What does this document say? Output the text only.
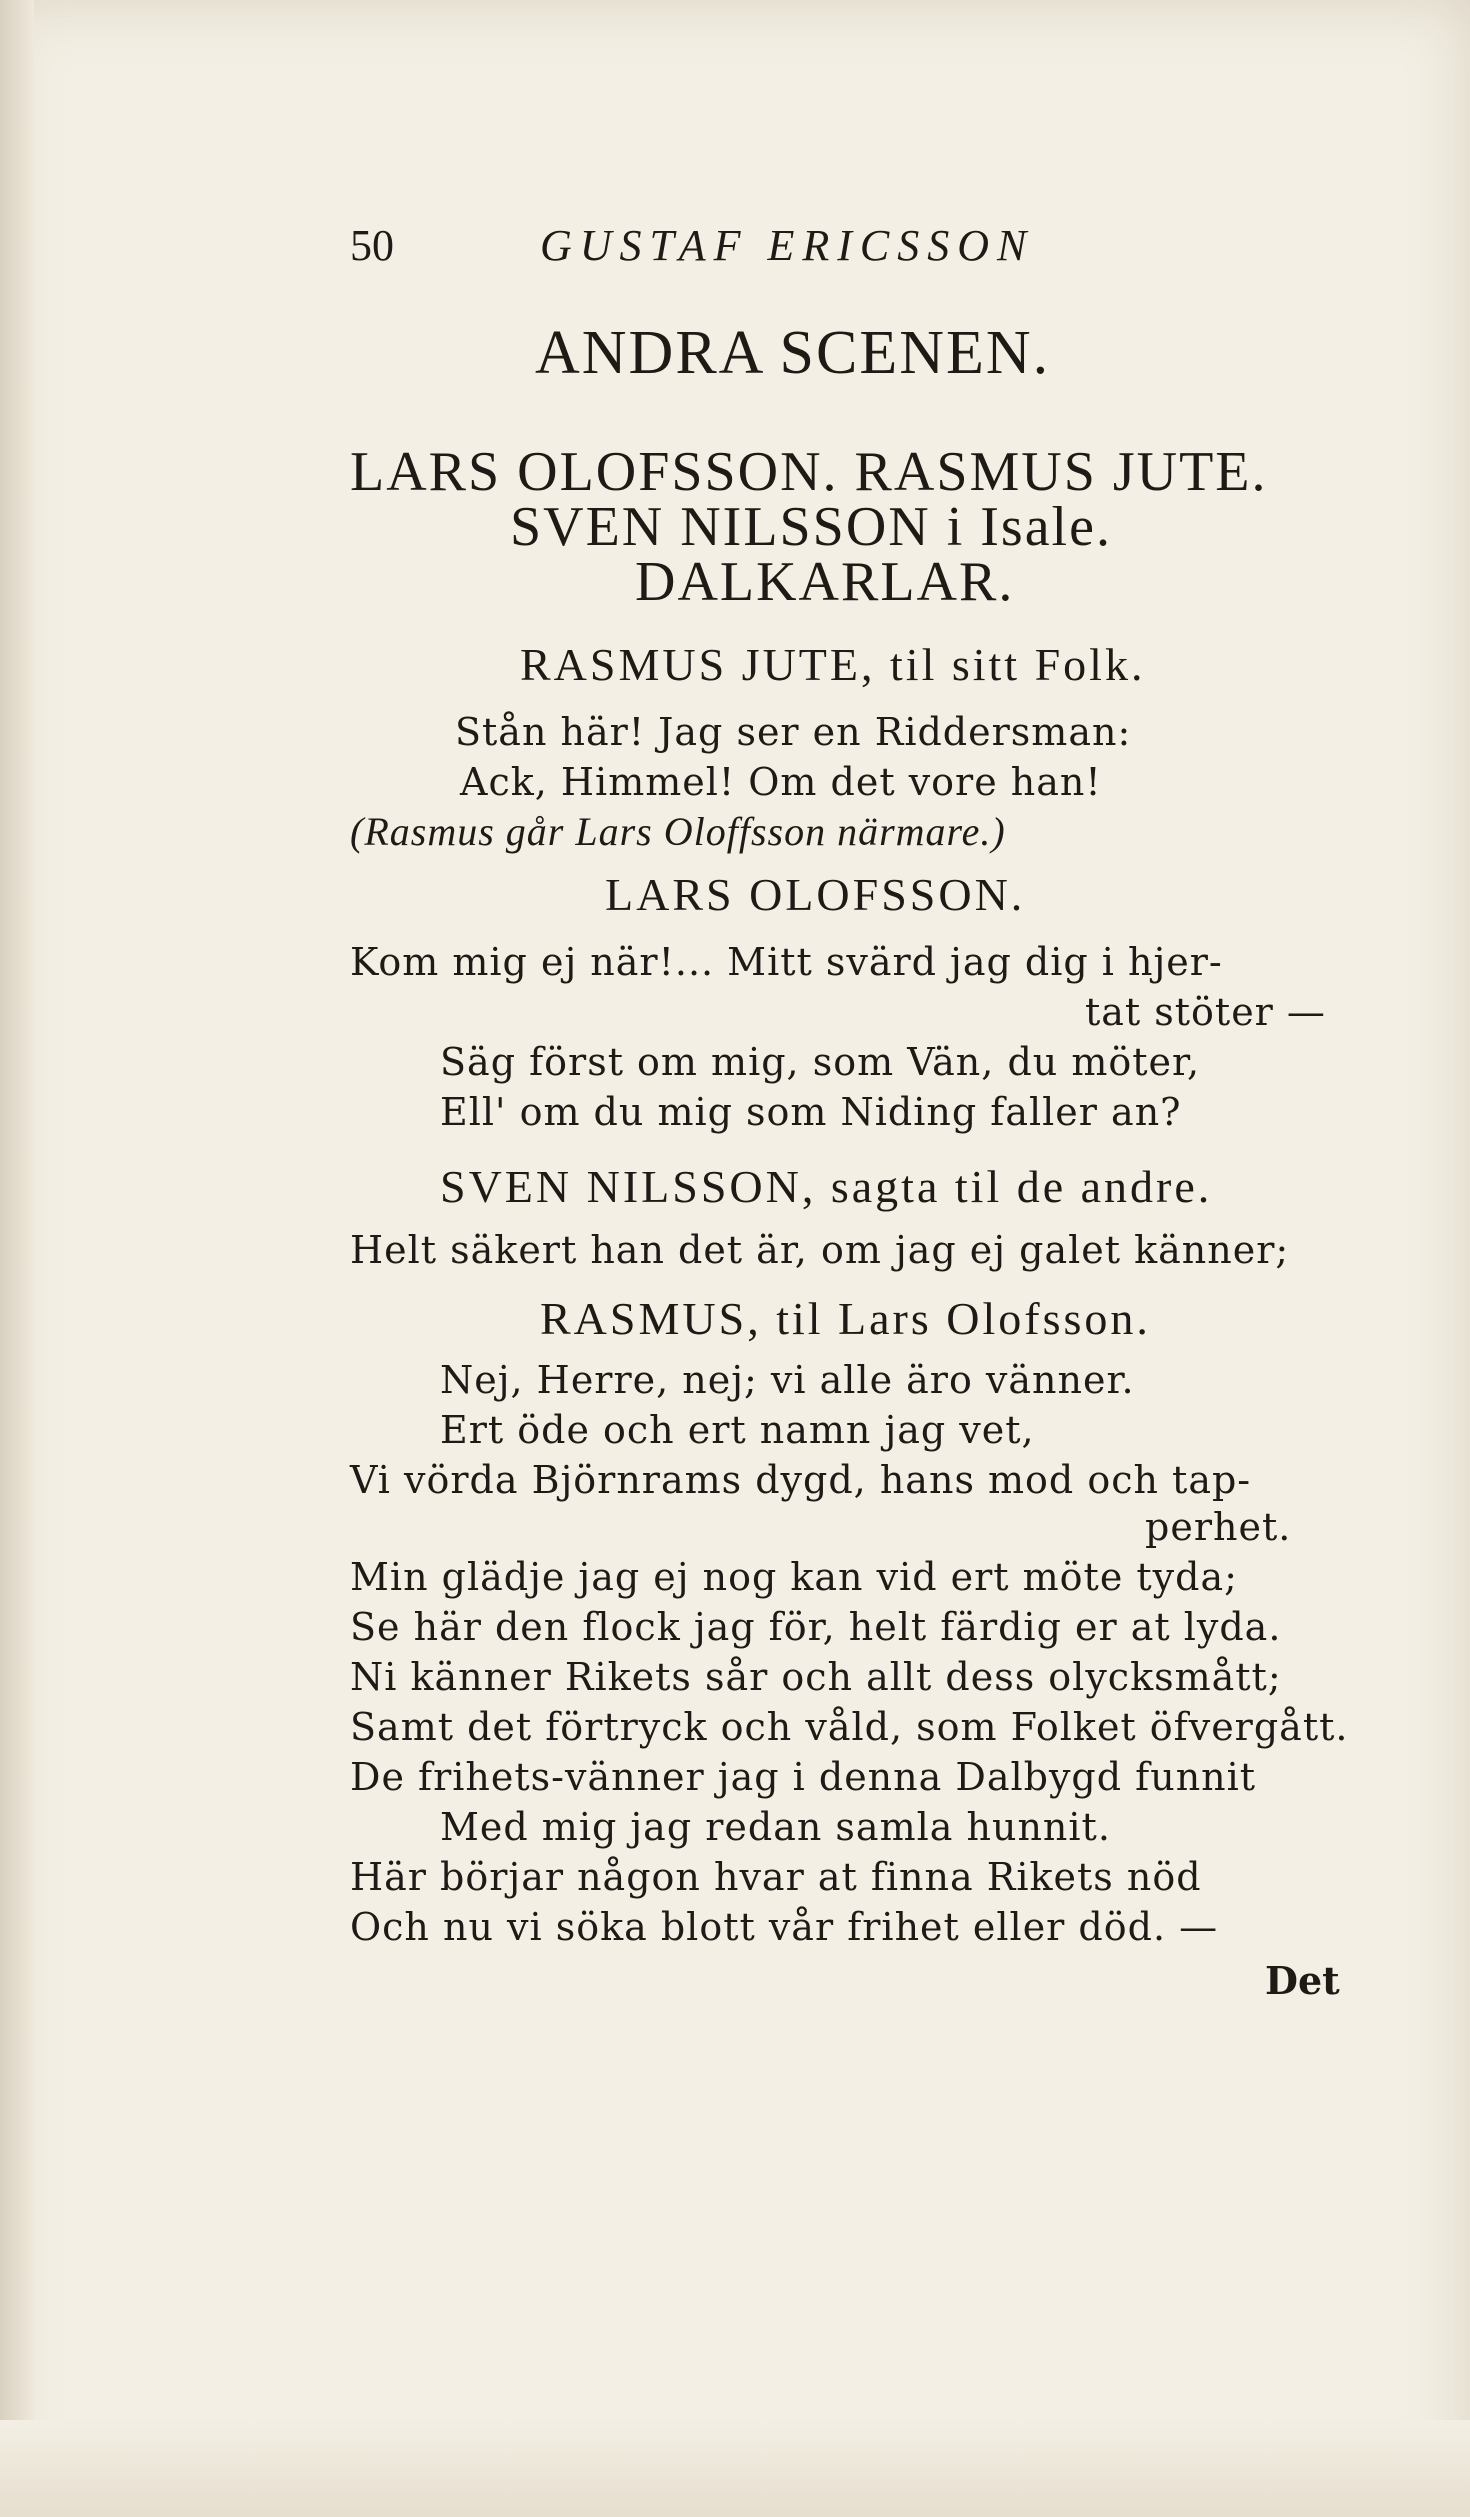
50	GUSTAF ERICSSON
ANDRA SCENEN.
LARS OLOFSSON. RASMUS JUTE.
SVEN NILSSON i Isale.
DALKARLAR.
RASMUS JUTE, til sitt Folk.
Stån här! Jag ser en Riddersman:
Ack, Himmel! Om det vore han!
(Rasmus går Lars Oloffsson närmare.)
LARS OLOFSSON.
Kom mig ej när!... Mitt svärd jag dig i hjer-
tat stöter —
Säg först om mig, som Vän, du möter,
Ell' om du mig som Niding faller an?
SVEN NILSSON, sagta til de andre.
Helt säkert han det är, om jag ej galet känner;
RASMUS, til Lars Olofsson.
Nej, Herre, nej; vi alle äro vänner.
Ert öde och ert namn jag vet,
Vi vörda Björnrams dygd, hans mod och tap-
perhet.
Min glädje jag ej nog kan vid ert möte tyda;
Se här den flock jag för, helt färdig er at lyda.
Ni känner Rikets sår och allt dess olycksmått;
Samt det förtryck och våld, som Folket öfvergått.
De frihets-vänner jag i denna Dalbygd funnit
Med mig jag redan samla hunnit.
Här börjar någon hvar at finna Rikets nöd
Och nu vi söka blott vår frihet eller död. —
Det
